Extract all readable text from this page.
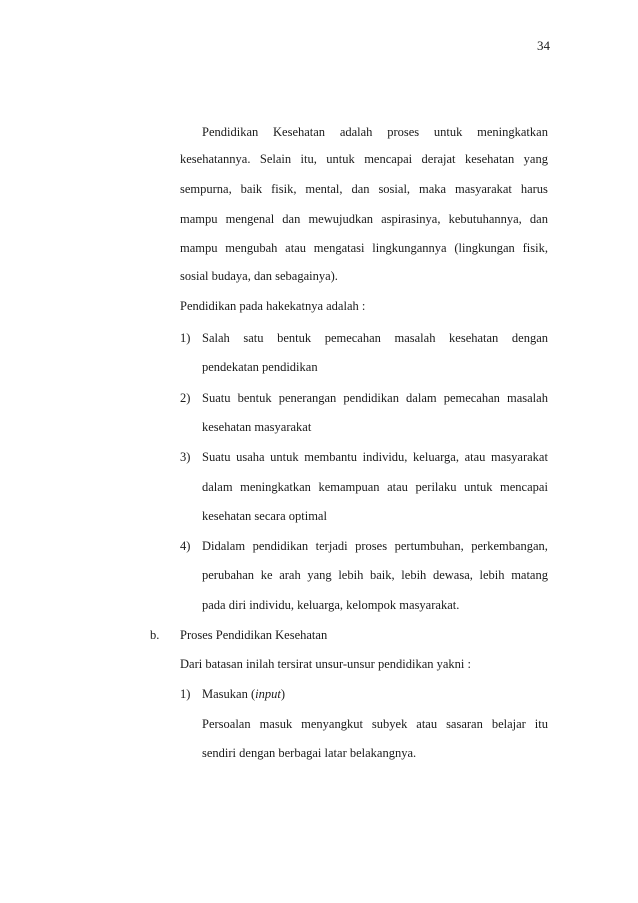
34
Pendidikan Kesehatan adalah proses untuk meningkatkan
kesehatannya. Selain itu, untuk mencapai derajat kesehatan yang
sempurna, baik fisik, mental, dan sosial, maka masyarakat harus
mampu mengenal dan mewujudkan aspirasinya, kebutuhannya, dan
mampu mengubah atau mengatasi lingkungannya (lingkungan fisik,
sosial budaya, dan sebagainya).
Pendidikan pada hakekatnya adalah :
1) Salah satu bentuk pemecahan masalah kesehatan dengan
pendekatan pendidikan
2) Suatu bentuk penerangan pendidikan dalam pemecahan masalah
kesehatan masyarakat
3) Suatu usaha untuk membantu individu, keluarga, atau masyarakat
dalam meningkatkan kemampuan atau perilaku untuk mencapai
kesehatan secara optimal
4) Didalam pendidikan terjadi proses pertumbuhan, perkembangan,
perubahan ke arah yang lebih baik, lebih dewasa, lebih matang
pada diri individu, keluarga, kelompok masyarakat.
b. Proses Pendidikan Kesehatan
Dari batasan inilah tersirat unsur-unsur pendidikan yakni :
1) Masukan (input)
Persoalan masuk menyangkut subyek atau sasaran belajar itu
sendiri dengan berbagai latar belakangnya.
